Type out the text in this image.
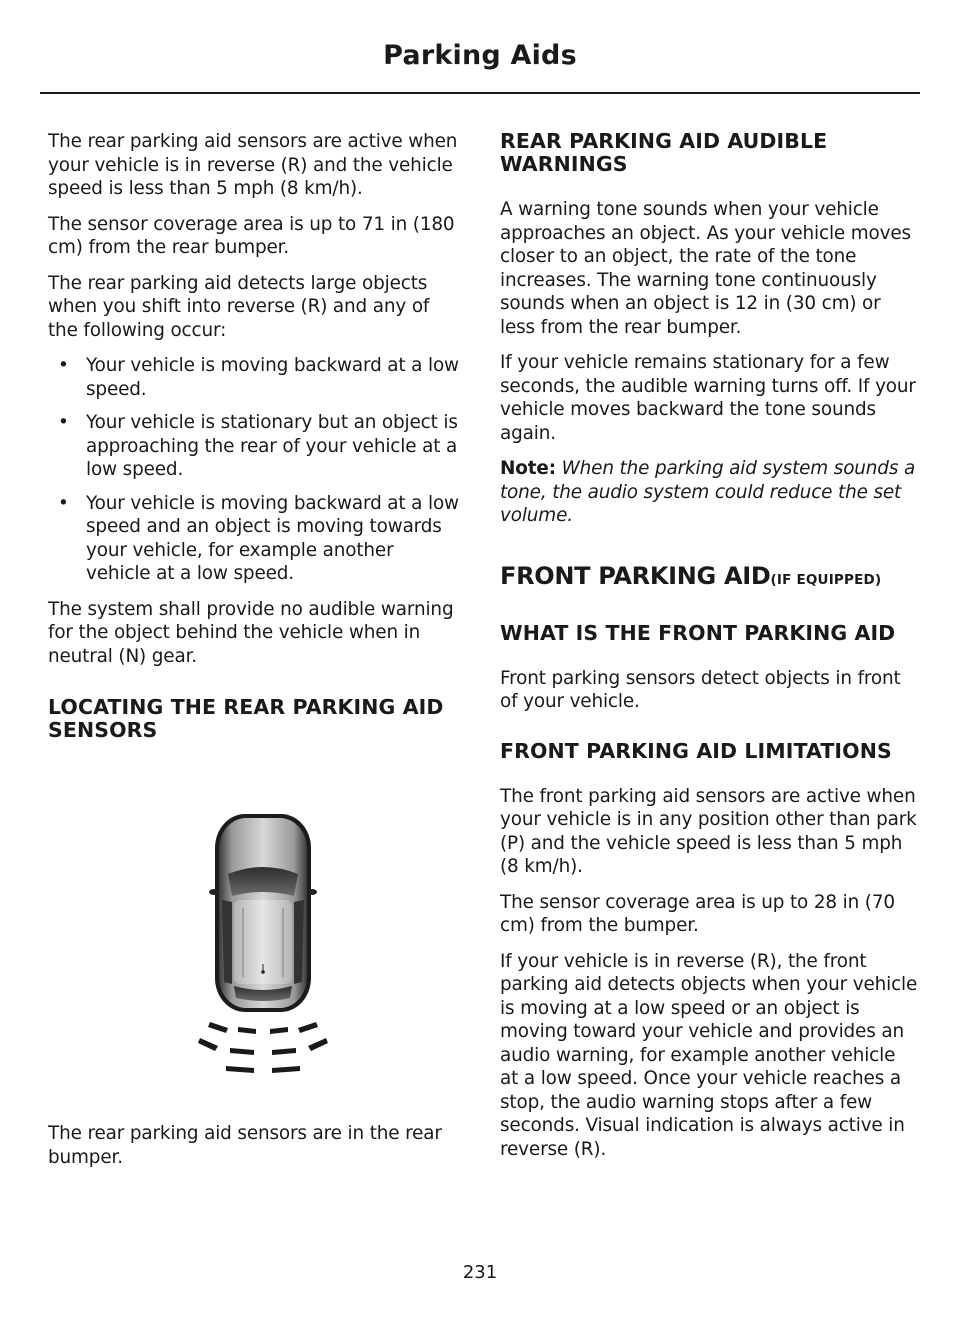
Parking Aids

The rear parking aid sensors are active when your vehicle is in reverse (R) and the vehicle speed is less than 5 mph (8 km/h).

The sensor coverage area is up to 71 in (180 cm) from the rear bumper.

The rear parking aid detects large objects when you shift into reverse (R) and any of the following occur:

• Your vehicle is moving backward at a low speed.
• Your vehicle is stationary but an object is approaching the rear of your vehicle at a low speed.
• Your vehicle is moving backward at a low speed and an object is moving towards your vehicle, for example another vehicle at a low speed.

The system shall provide no audible warning for the object behind the vehicle when in neutral (N) gear.

LOCATING THE REAR PARKING AID SENSORS

The rear parking aid sensors are in the rear bumper.

REAR PARKING AID AUDIBLE WARNINGS

A warning tone sounds when your vehicle approaches an object. As your vehicle moves closer to an object, the rate of the tone increases. The warning tone continuously sounds when an object is 12 in (30 cm) or less from the rear bumper.

If your vehicle remains stationary for a few seconds, the audible warning turns off. If your vehicle moves backward the tone sounds again.

Note: When the parking aid system sounds a tone, the audio system could reduce the set volume.

FRONT PARKING AID(IF EQUIPPED)
WHAT IS THE FRONT PARKING AID

Front parking sensors detect objects in front of your vehicle.

FRONT PARKING AID LIMITATIONS

The front parking aid sensors are active when your vehicle is in any position other than park (P) and the vehicle speed is less than 5 mph (8 km/h).

The sensor coverage area is up to 28 in (70 cm) from the bumper.

If your vehicle is in reverse (R), the front parking aid detects objects when your vehicle is moving at a low speed or an object is moving toward your vehicle and provides an audio warning, for example another vehicle at a low speed. Once your vehicle reaches a stop, the audio warning stops after a few seconds. Visual indication is always active in reverse (R).

231
